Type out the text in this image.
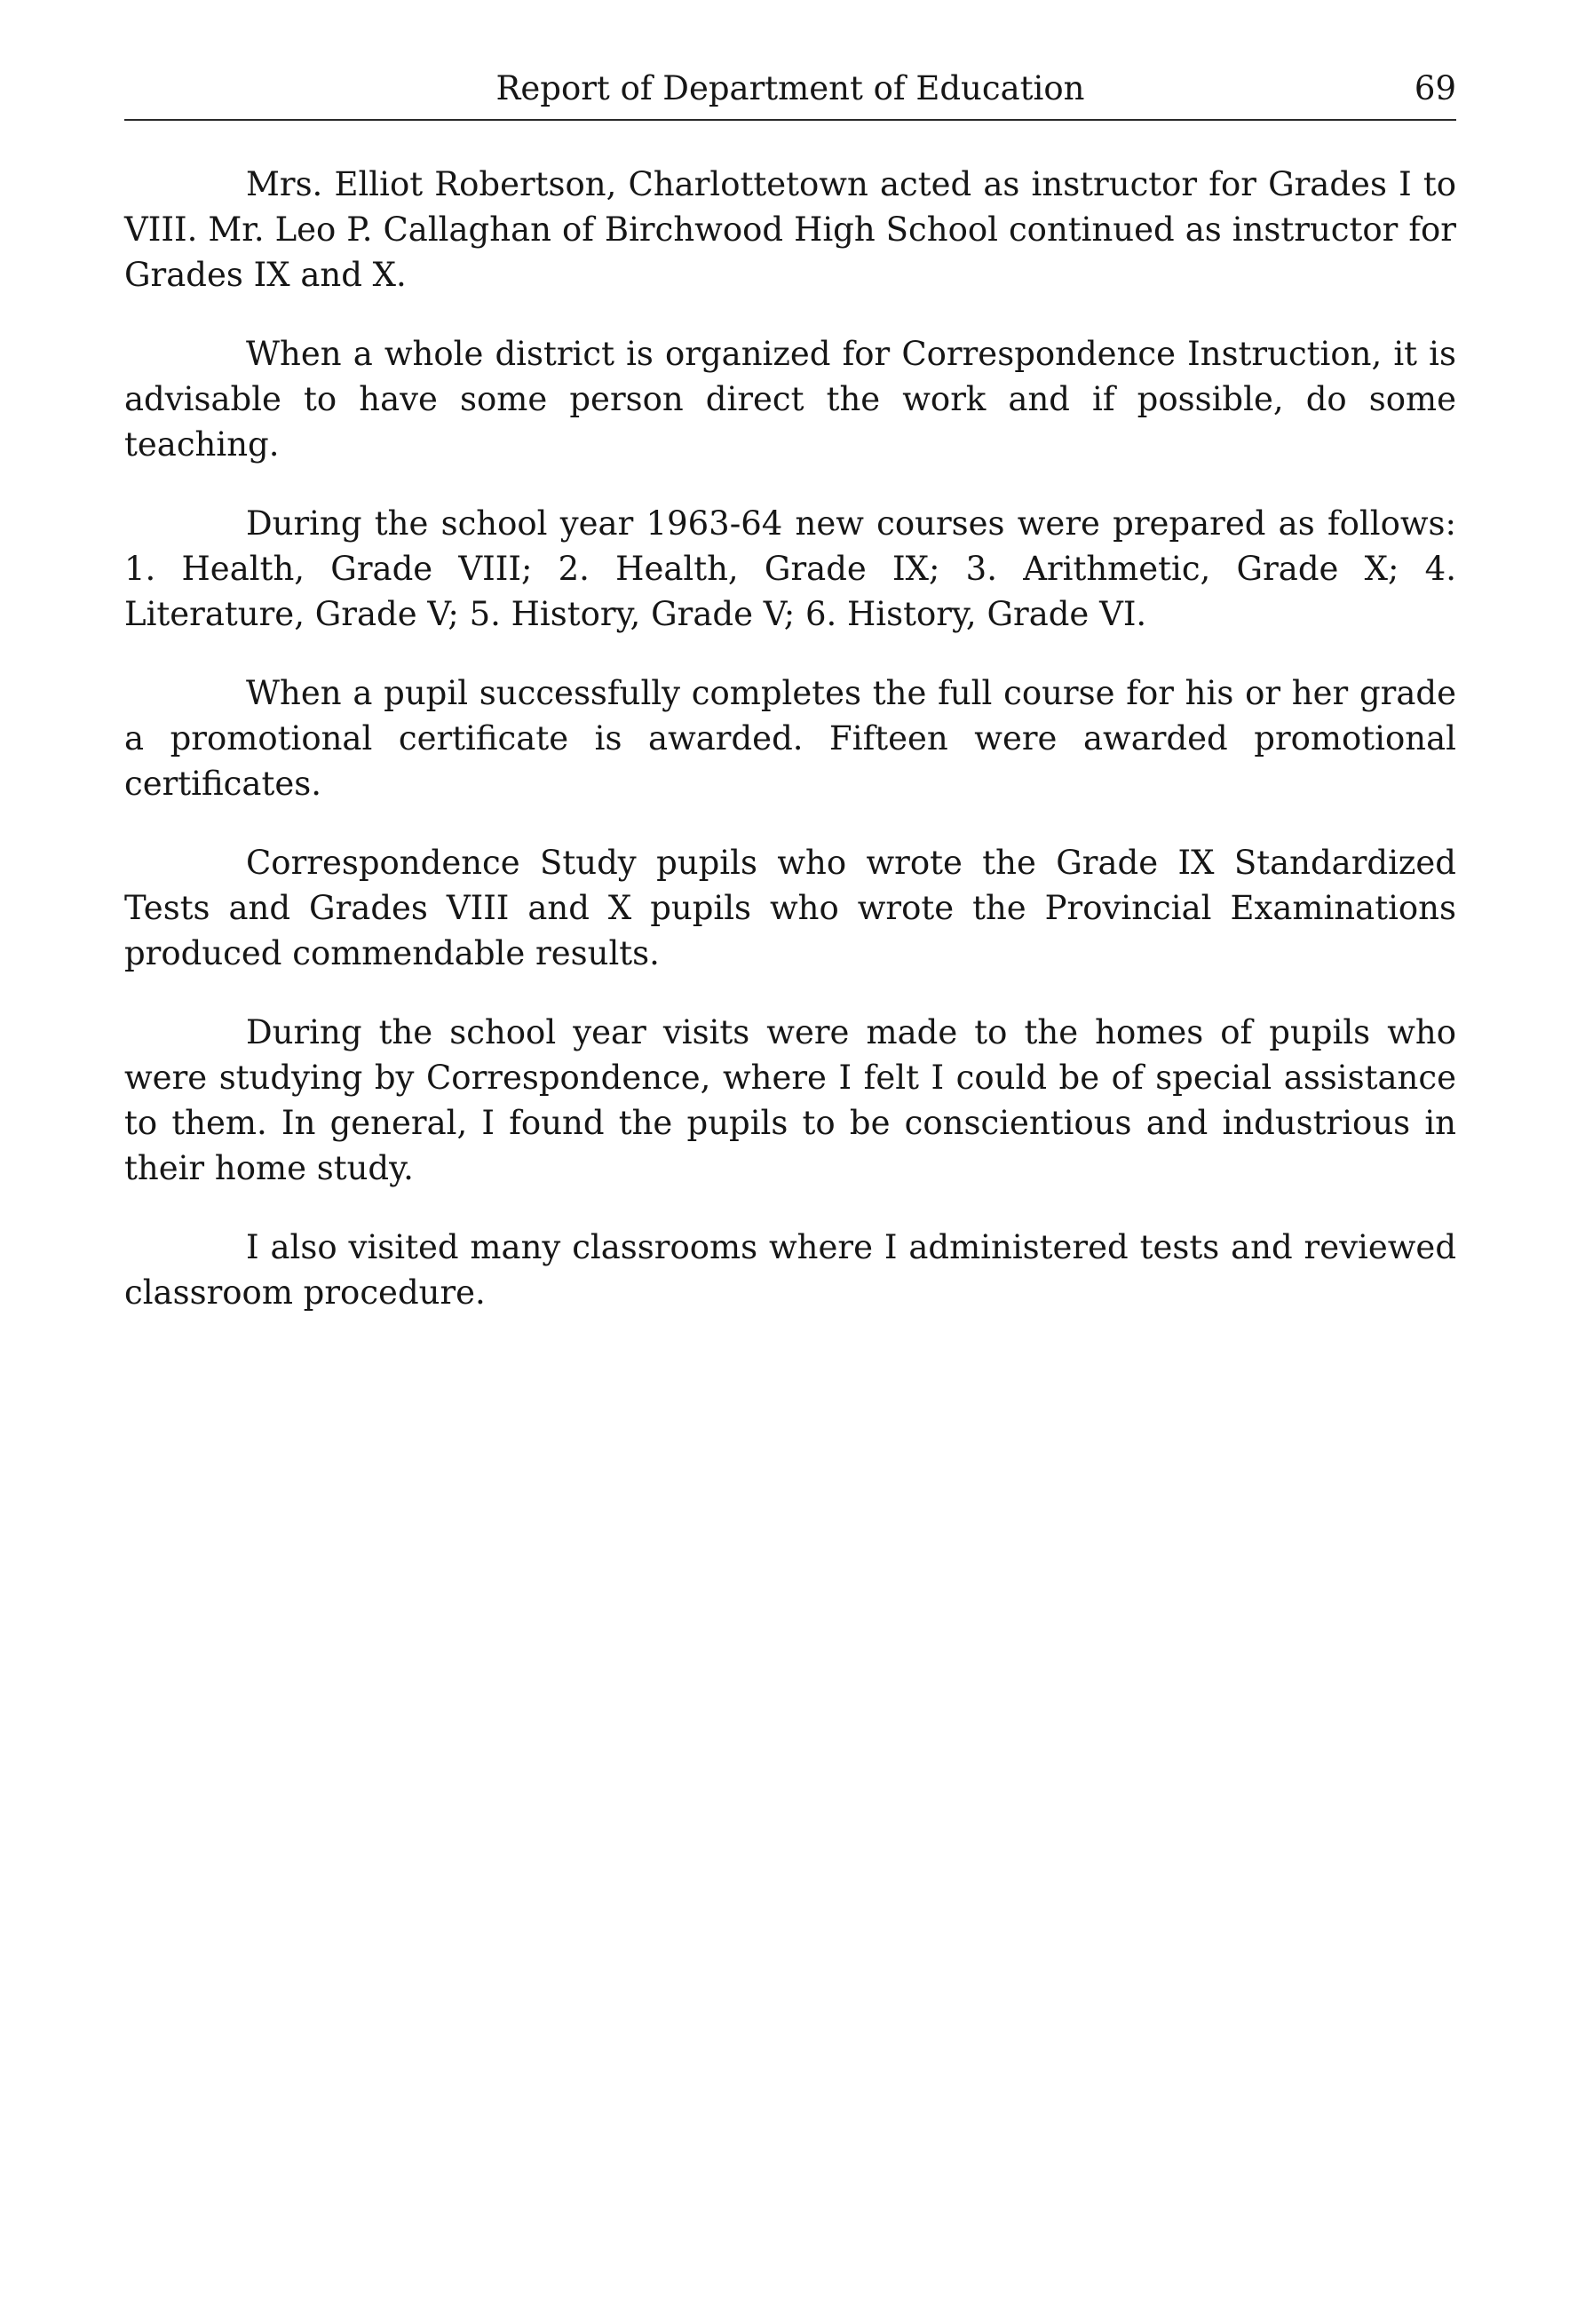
Report of Department of Education	69

Mrs. Elliot Robertson, Charlottetown acted as instructor for Grades I to VIII. Mr. Leo P. Callaghan of Birchwood High School continued as instructor for Grades IX and X.

When a whole district is organized for Correspondence Instruction, it is advisable to have some person direct the work and if possible, do some teaching.

During the school year 1963-64 new courses were prepared as follows: 1. Health, Grade VIII; 2. Health, Grade IX; 3. Arithmetic, Grade X; 4. Literature, Grade V; 5. History, Grade V; 6. History, Grade VI.

When a pupil successfully completes the full course for his or her grade a promotional certificate is awarded. Fifteen were awarded promotional certificates.

Correspondence Study pupils who wrote the Grade IX Standardized Tests and Grades VIII and X pupils who wrote the Provincial Examinations produced commendable results.

During the school year visits were made to the homes of pupils who were studying by Correspondence, where I felt I could be of special assistance to them. In general, I found the pupils to be conscientious and industrious in their home study.

I also visited many classrooms where I administered tests and reviewed classroom procedure.
